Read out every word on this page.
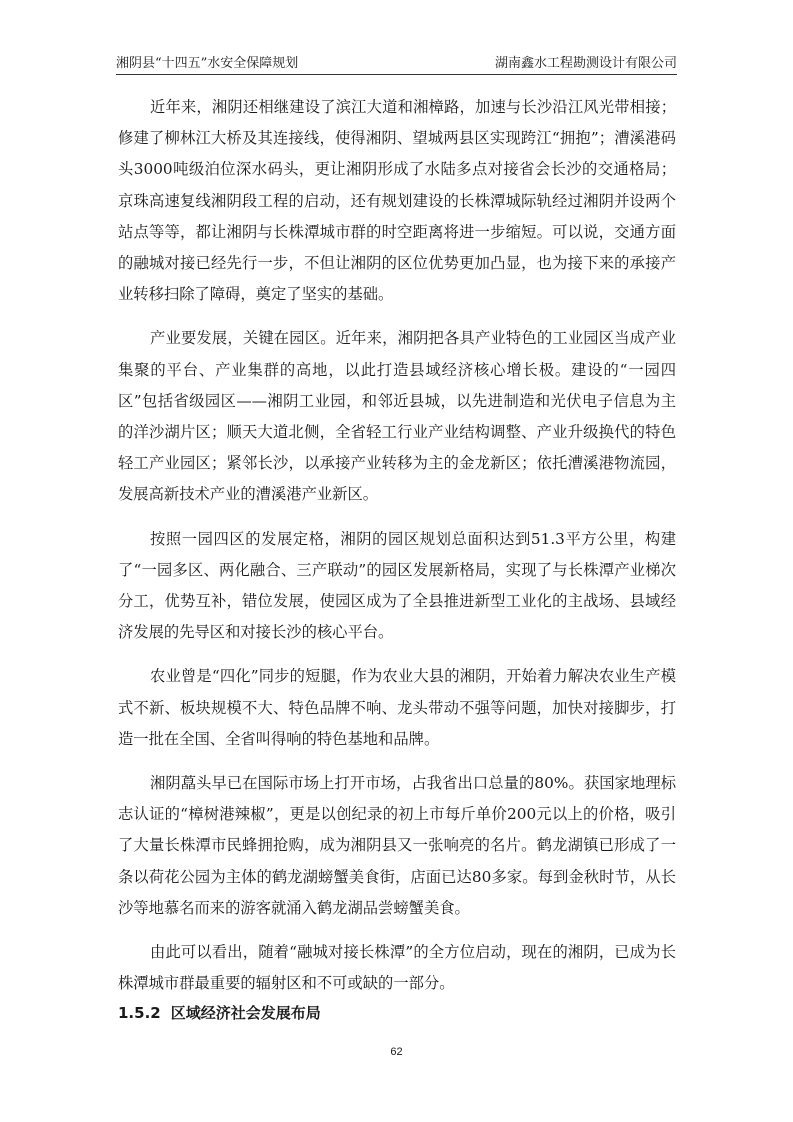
湘阴县“十四五”水安全保障规划	湖南鑫水工程勘测设计有限公司

近年来，湘阴还相继建设了滨江大道和湘樟路，加速与长沙沿江风光带相接；修建了柳林江大桥及其连接线，使得湘阴、望城两县区实现跨江“拥抱”；漕溪港码头3000吨级泊位深水码头，更让湘阴形成了水陆多点对接省会长沙的交通格局；京珠高速复线湘阴段工程的启动，还有规划建设的长株潭城际轨经过湘阴并设两个站点等等，都让湘阴与长株潭城市群的时空距离将进一步缩短。可以说，交通方面的融城对接已经先行一步，不但让湘阴的区位优势更加凸显，也为接下来的承接产业转移扫除了障碍，奠定了坚实的基础。

产业要发展，关键在园区。近年来，湘阴把各具产业特色的工业园区当成产业集聚的平台、产业集群的高地，以此打造县域经济核心增长极。建设的“一园四区”包括省级园区——湘阴工业园，和邻近县城，以先进制造和光伏电子信息为主的洋沙湖片区；顺天大道北侧，全省轻工行业产业结构调整、产业升级换代的特色轻工产业园区；紧邻长沙，以承接产业转移为主的金龙新区；依托漕溪港物流园，发展高新技术产业的漕溪港产业新区。

按照一园四区的发展定格，湘阴的园区规划总面积达到51.3平方公里，构建了“一园多区、两化融合、三产联动”的园区发展新格局，实现了与长株潭产业梯次分工，优势互补，错位发展，使园区成为了全县推进新型工业化的主战场、县域经济发展的先导区和对接长沙的核心平台。

农业曾是“四化”同步的短腿，作为农业大县的湘阴，开始着力解决农业生产模式不新、板块规模不大、特色品牌不响、龙头带动不强等问题，加快对接脚步，打造一批在全国、全省叫得响的特色基地和品牌。

湘阴藠头早已在国际市场上打开市场，占我省出口总量的80%。获国家地理标志认证的“樟树港辣椒”，更是以创纪录的初上市每斤单价200元以上的价格，吸引了大量长株潭市民蜂拥抢购，成为湘阴县又一张响亮的名片。鹤龙湖镇已形成了一条以荷花公园为主体的鹤龙湖螃蟹美食街，店面已达80多家。每到金秋时节，从长沙等地慕名而来的游客就涌入鹤龙湖品尝螃蟹美食。

由此可以看出，随着“融城对接长株潭”的全方位启动，现在的湘阴，已成为长株潭城市群最重要的辐射区和不可或缺的一部分。

1.5.2 区域经济社会发展布局
62
